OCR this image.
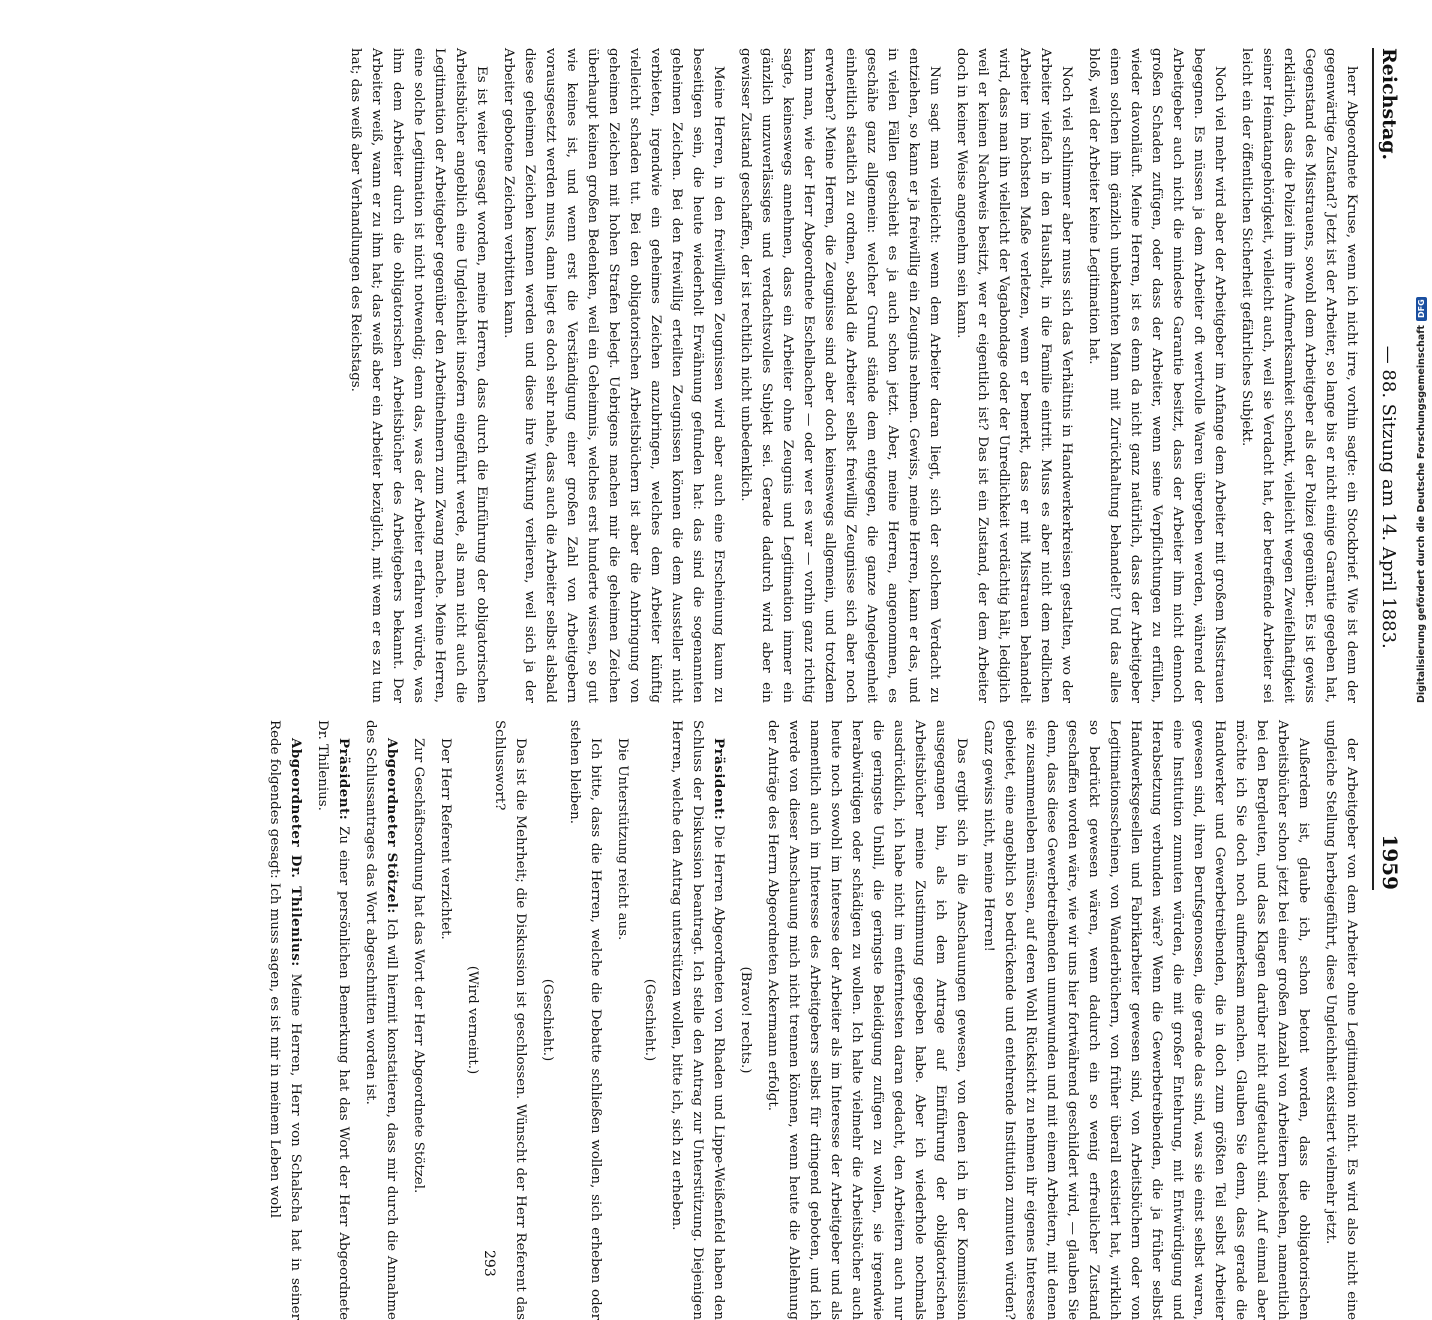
Reichstag.
— 88. Sitzung am 14. April 1883.
1959

herr Abgeordnete Kruse, wenn ich nicht irre, vorhin sagte: ein Stockbrief. Wie ist denn der gegenwärtige Zustand? Jetzt ist der Arbeiter, so lange bis er nicht einige Garantie gegeben hat, Gegenstand des Misstrauens, sowohl dem Arbeitgeber als der Polizei gegenüber. Es ist gewiss erklärlich, dass die Polizei ihm ihre Aufmerksamkeit schenkt, vielleicht wegen Zweifelhaftigkeit seiner Heimatangehörigkeit, vielleicht auch, weil sie Verdacht hat, der betreffende Arbeiter sei leicht ein der öffentlichen Sicherheit gefährliches Subjekt.

Noch viel mehr wird aber der Arbeitgeber im Anfange dem Arbeiter mit großem Misstrauen begegnen. Es müssen ja dem Arbeiter oft wertvolle Waren übergeben werden, während der Arbeitgeber auch nicht die mindeste Garantie besitzt, dass der Arbeiter ihm nicht dennoch großen Schaden zufügen, oder dass der Arbeiter, wenn seine Verpflichtungen zu erfüllen, wieder davonläuft. Meine Herren, ist es denn da nicht ganz natürlich, dass der Arbeitgeber einen solchen ihm gänzlich unbekannten Mann mit Zurückhaltung behandelt? Und das alles bloß, weil der Arbeiter keine Legitimation hat.

Noch viel schlimmer aber muss sich das Verhältnis in Handwerkerkreisen gestalten, wo der Arbeiter vielfach in den Haushalt, in die Familie eintritt. Muss es aber nicht dem redlichen Arbeiter im höchsten Maße verletzen, wenn er bemerkt, dass er mit Misstrauen behandelt wird, dass man ihn vielleicht der Vagabondage oder der Unredlichkeit verdächtig hält, lediglich weil er keinen Nachweis besitzt, wer er eigentlich ist? Das ist ein Zustand, der dem Arbeiter doch in keiner Weise angenehm sein kann.

Nun sagt man vielleicht: wenn dem Arbeiter daran liegt, sich der solchem Verdacht zu entziehen, so kann er ja freiwillig ein Zeugnis nehmen. Gewiss, meine Herren, kann er das, und in vielen Fällen geschieht es ja auch schon jetzt. Aber, meine Herren, angenommen, es geschähe ganz allgemein: welcher Grund stände dem entgegen, die ganze Angelegenheit einheitlich staatlich zu ordnen, sobald die Arbeiter selbst freiwillig Zeugnisse sich aber noch erwerben? Meine Herren, die Zeugnisse sind aber doch keineswegs allgemein, und trotzdem kann man, wie der Herr Abgeordnete Eschelbacher — oder wer es war — vorhin ganz richtig sagte, keineswegs annehmen, dass ein Arbeiter ohne Zeugnis und Legitimation immer ein gänzlich unzuverlässiges und verdachtsvolles Subjekt sei. Gerade dadurch wird aber ein gewisser Zustand geschaffen, der ist rechtlich nicht unbedenklich.

Meine Herren, in den freiwilligen Zeugnissen wird aber auch eine Erscheinung kaum zu beseitigen sein, die heute wiederholt Erwähnung gefunden hat: das sind die sogenannten geheimen Zeichen. Bei den freiwillig erteilten Zeugnissen können die dem Aussteller nicht verbieten, irgendwie ein geheimes Zeichen anzubringen, welches dem Arbeiter künftig vielleicht schaden tut. Bei den obligatorischen Arbeitsbüchern ist aber die Anbringung von geheimen Zeichen mit hohen Strafen belegt. Uebrigens machen mir die geheimen Zeichen überhaupt keinen großen Bedenken, weil ein Geheimnis, welches erst hunderte wissen, so gut wie keines ist, und wenn erst die Verständigung einer großen Zahl von Arbeitgebern vorausgesetzt werden muss, dann liegt es doch sehr nahe, dass auch die Arbeiter selbst alsbald diese geheimen Zeichen kennen werden und diese ihre Wirkung verlieren, weil sich ja der Arbeiter gebotene Zeichen verbitten kann.

Es ist weiter gesagt worden, meine Herren, dass durch die Einführung der obligatorischen Arbeitsbücher angeblich eine Ungleichheit insofern eingeführt werde, als man nicht auch die Legitimation der Arbeitgeber gegenüber den Arbeitnehmern zum Zwang mache. Meine Herren, eine solche Legitimation ist nicht notwendig; denn das, was der Arbeiter erfahren würde, was ihm dem Arbeiter durch die obligatorischen Arbeitsbücher des Arbeitgebers bekannt. Der Arbeiter weiß, wann er zu ihm hat; das weiß aber ein Arbeiter bezüglich, mit wem er es zu tun hat; das weiß aber Verhandlungen des Reichstags.

der Arbeitgeber von dem Arbeiter ohne Legitimation nicht. Es wird also nicht eine ungleiche Stellung herbeigeführt, diese Ungleichheit existiert vielmehr jetzt.

Außerdem ist, glaube ich, schon betont worden, dass die obligatorischen Arbeitsbücher schon jetzt bei einer großen Anzahl von Arbeitern bestehen, namentlich bei den Bergleuten, und dass Klagen darüber nicht aufgetaucht sind. Auf einmal aber möchte ich Sie doch noch aufmerksam machen. Glauben Sie denn, dass gerade die Handwerker und Gewerbetreibenden, die in doch zum größten Teil selbst Arbeiter gewesen sind, ihren Berufsgenossen, die gerade das sind, was sie einst selbst waren, eine Institution zumuten würden, die mit großer Entehrung, mit Entwürdigung und Herabsetzung verbunden wäre? Wenn die Gewerbetreibenden, die ja früher selbst Handwerksgesellen und Fabrikarbeiter gewesen sind, von Arbeitsbüchern oder von Legitimationsscheinen, von Wanderbüchern, von früher überall existiert hat, wirklich so bedrückt gewesen wären, wenn dadurch ein so wenig erfreulicher Zustand geschaffen worden wäre, wie wir uns hier fortwährend geschildert wird, — glauben Sie denn, dass diese Gewerbetreibenden unumwunden und mit einem Arbeitern, mit denen sie zusammenleben müssen, auf deren Wohl Rücksicht zu nehmen ihr eigenes Interesse gebietet, eine angeblich so bedrückende und entehrende Institution zumuten würden? Ganz gewiss nicht, meine Herren!

Das ergibt sich in die Anschauungen gewesen, von denen ich in der Kommission ausgegangen bin, als ich dem Antrage auf Einführung der obligatorischen Arbeitsbücher meine Zustimmung gegeben habe. Aber ich wiederhole nochmals ausdrücklich, ich habe nicht im entferntesten daran gedacht, den Arbeitern auch nur die geringste Unbill, die geringste Beleidigung zufügen zu wollen, sie irgendwie herabwürdigen oder schädigen zu wollen. Ich halte vielmehr die Arbeitsbücher auch heute noch sowohl im Interesse der Arbeiter als im Interesse der Arbeitgeber und als namentlich auch im Interesse des Arbeitgebers selbst für dringend geboten, und ich werde von dieser Anschauung mich nicht trennen können, wenn heute die Ablehnung der Anträge des Herrn Abgeordneten Ackermann erfolgt.

(Bravo! rechts.)

Präsident: Die Herren Abgeordneten von Rhaden und Lippe-Weißenfeld haben den Schluss der Diskussion beantragt. Ich stelle den Antrag zur Unterstützung. Diejenigen Herren, welche den Antrag unterstützen wollen, bitte ich, sich zu erheben.

(Geschieht.)

Die Unterstützung reicht aus.

Ich bitte, dass die Herren, welche die Debatte schließen wollen, sich erheben oder stehen bleiben.

(Geschieht.)

Das ist die Mehrheit; die Diskussion ist geschlossen. Wünscht der Herr Referent das Schlusswort?

(Wird verneint.)

Der Herr Referent verzichtet.

Zur Geschäftsordnung hat das Wort der Herr Abgeordnete Stötzel.

Abgeordneter Stötzel: Ich will hiermit konstatieren, dass mir durch die Annahme des Schlussantrages das Wort abgeschnitten worden ist.

Präsident: Zu einer persönlichen Bemerkung hat das Wort der Herr Abgeordnete Dr. Thilenius.

Abgeordneter Dr. Thilenius: Meine Herren, Herr von Schalscha hat in seiner Rede folgendes gesagt: Ich muss sagen, es ist mir in meinem Leben wohl

293
Digitalisierung gefördert durch die Deutsche Forschungsgemeinschaft
DFG
